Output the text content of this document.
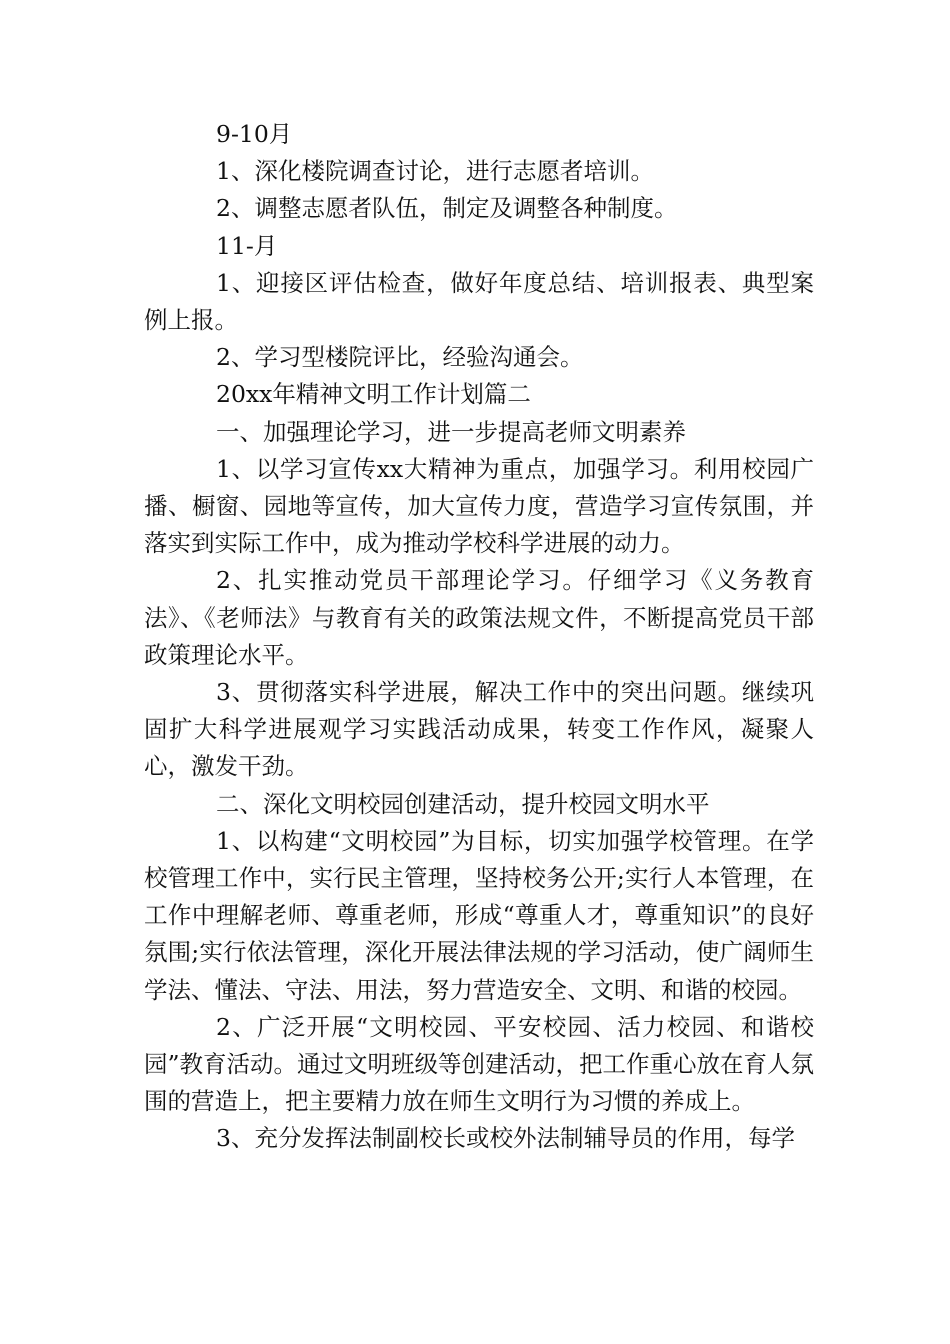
9-10月

1、深化楼院调查讨论，进行志愿者培训。

2、调整志愿者队伍，制定及调整各种制度。

11-月

1、迎接区评估检查，做好年度总结、培训报表、典型案例上报。

2、学习型楼院评比，经验沟通会。

20xx年精神文明工作计划篇二

一、加强理论学习，进一步提高老师文明素养

1、以学习宣传xx大精神为重点，加强学习。利用校园广播、橱窗、园地等宣传，加大宣传力度，营造学习宣传氛围，并落实到实际工作中，成为推动学校科学进展的动力。

2、扎实推动党员干部理论学习。仔细学习《义务教育法》、《老师法》与教育有关的政策法规文件，不断提高党员干部政策理论水平。

3、贯彻落实科学进展，解决工作中的突出问题。继续巩固扩大科学进展观学习实践活动成果，转变工作作风，凝聚人心，激发干劲。

二、深化文明校园创建活动，提升校园文明水平

1、以构建“文明校园”为目标，切实加强学校管理。在学校管理工作中，实行民主管理，坚持校务公开;实行人本管理，在工作中理解老师、尊重老师，形成“尊重人才，尊重知识”的良好氛围;实行依法管理，深化开展法律法规的学习活动，使广阔师生学法、懂法、守法、用法，努力营造安全、文明、和谐的校园。

2、广泛开展“文明校园、平安校园、活力校园、和谐校园”教育活动。通过文明班级等创建活动，把工作重心放在育人氛围的营造上，把主要精力放在师生文明行为习惯的养成上。

3、充分发挥法制副校长或校外法制辅导员的作用，每学
